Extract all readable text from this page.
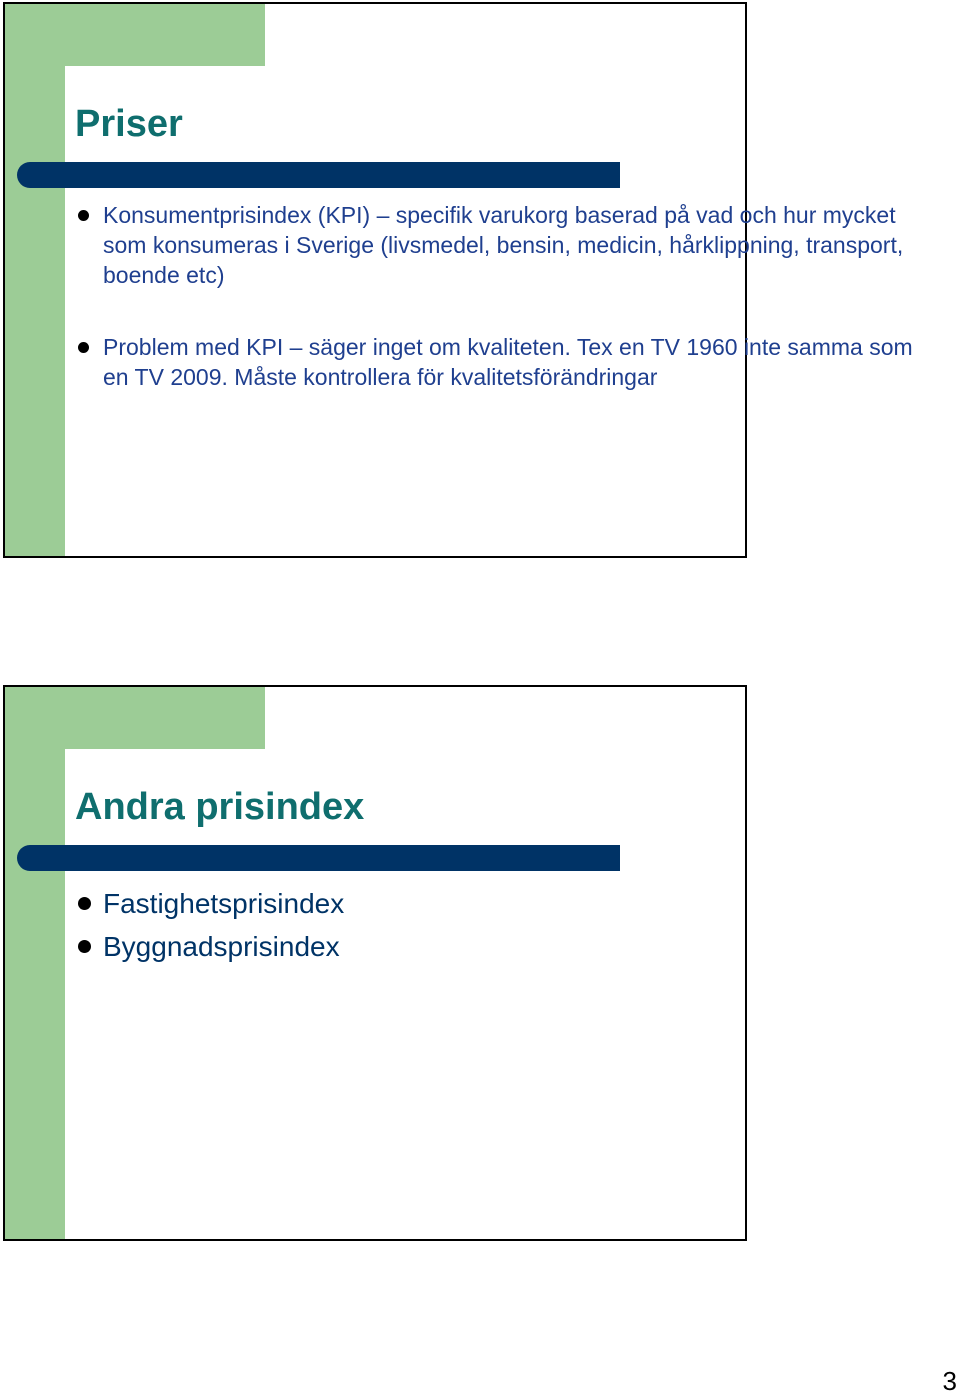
Priser
Konsumentprisindex (KPI) – specifik varukorg baserad på vad och hur mycket som konsumeras i Sverige (livsmedel, bensin, medicin, hårklippning, transport, boende etc)
Problem med KPI – säger inget om kvaliteten. Tex en TV 1960 inte samma som en TV 2009. Måste kontrollera för kvalitetsförändringar
Andra prisindex
Fastighetsprisindex
Byggnadsprisindex
3
